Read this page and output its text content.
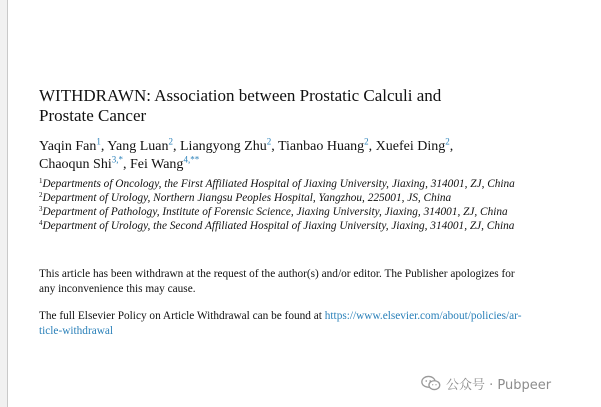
WITHDRAWN: Association between Prostatic Calculi and
Prostate Cancer
Yaqin Fan$^1$, Yang Luan$^2$, Liangyong Zhu$^2$, Tianbao Huang$^2$, Xuefei Ding$^2$,
Chaoqun Shi$^{3,*}$, Fei Wang$^{4,**}$
$^1$Departments of Oncology, the First Affiliated Hospital of Jiaxing University, Jiaxing, 314001, ZJ, China
$^2$Department of Urology, Northern Jiangsu Peoples Hospital, Yangzhou, 225001, JS, China
$^3$Department of Pathology, Institute of Forensic Science, Jiaxing University, Jiaxing, 314001, ZJ, China
$^4$Department of Urology, the Second Affiliated Hospital of Jiaxing University, Jiaxing, 314001, ZJ, China
This article has been withdrawn at the request of the author(s) and/or editor. The Publisher apologizes for
any inconvenience this may cause.
The full Elsevier Policy on Article Withdrawal can be found at https://www.elsevier.com/about/policies/ar-
ticle-withdrawal
公众号 · Pubpeer
